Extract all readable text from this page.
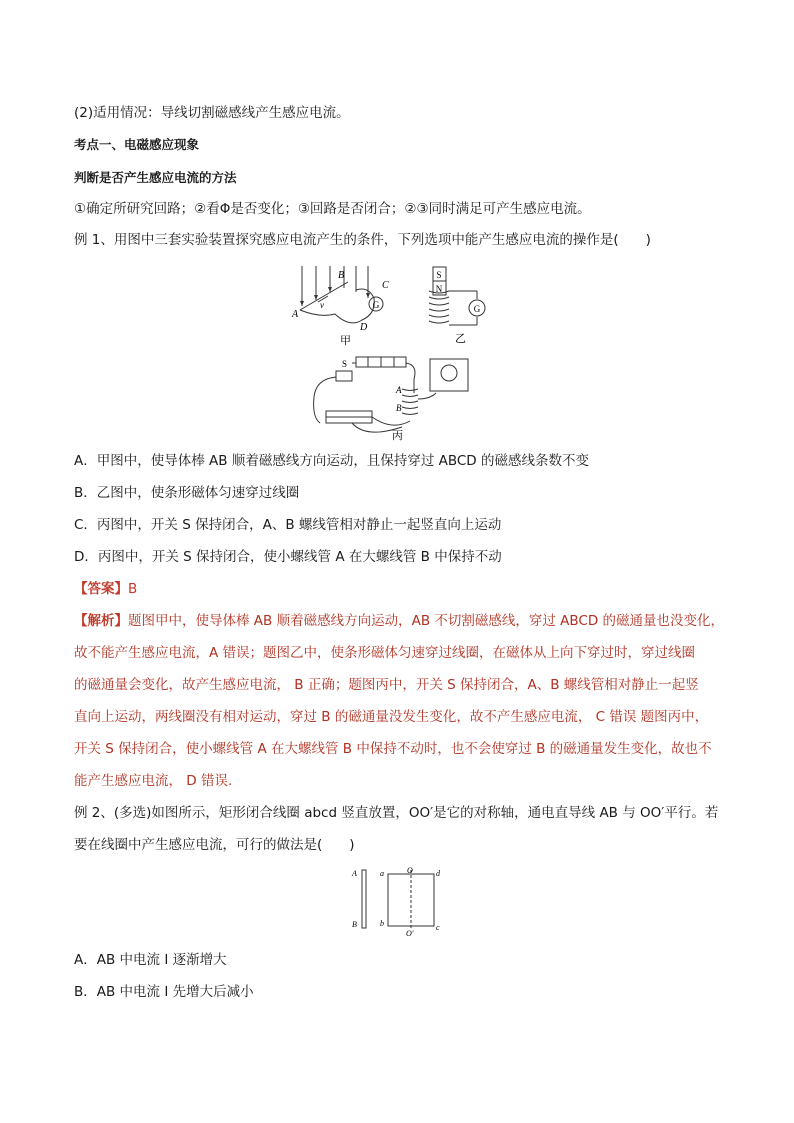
(2)适用情况：导线切割磁感线产生感应电流。
考点一、电磁感应现象
判断是否产生感应电流的方法
①确定所研究回路；②看Φ是否变化；③回路是否闭合；②③同时满足可产生感应电流。
例 1、用图中三套实验装置探究感应电流产生的条件，下列选项中能产生感应电流的操作是(　　)
G
A
B
C
D
v
甲
S
N
G
乙
S
A
B
丙
A．甲图中，使导体棒 AB 顺着磁感线方向运动，且保持穿过 ABCD 的磁感线条数不变
B．乙图中，使条形磁体匀速穿过线圈
C．丙图中，开关 S 保持闭合，A、B 螺线管相对静止一起竖直向上运动
D．丙图中，开关 S 保持闭合，使小螺线管 A 在大螺线管 B 中保持不动
【答案】B
【解析】题图甲中，使导体棒 AB 顺着磁感线方向运动，AB 不切割磁感线，穿过 ABCD 的磁通量也没变化，
故不能产生感应电流，A 错误；题图乙中，使条形磁体匀速穿过线圈，在磁体从上向下穿过时，穿过线圈
的磁通量会变化，故产生感应电流， B 正确；题图丙中，开关 S 保持闭合，A、B 螺线管相对静止一起竖
直向上运动，两线圈没有相对运动，穿过 B 的磁通量没发生变化，故不产生感应电流， C 错误 题图丙中，
开关 S 保持闭合，使小螺线管 A 在大螺线管 B 中保持不动时，也不会使穿过 B 的磁通量发生变化，故也不
能产生感应电流， D 错误.
例 2、(多选)如图所示，矩形闭合线圈 abcd 竖直放置，OO′是它的对称轴，通电直导线 AB 与 OO′平行。若
要在线圈中产生感应电流，可行的做法是(　　)
A
B
a
b	c
d
O
O′
A．AB 中电流 I 逐渐增大
B．AB 中电流 I 先增大后减小
